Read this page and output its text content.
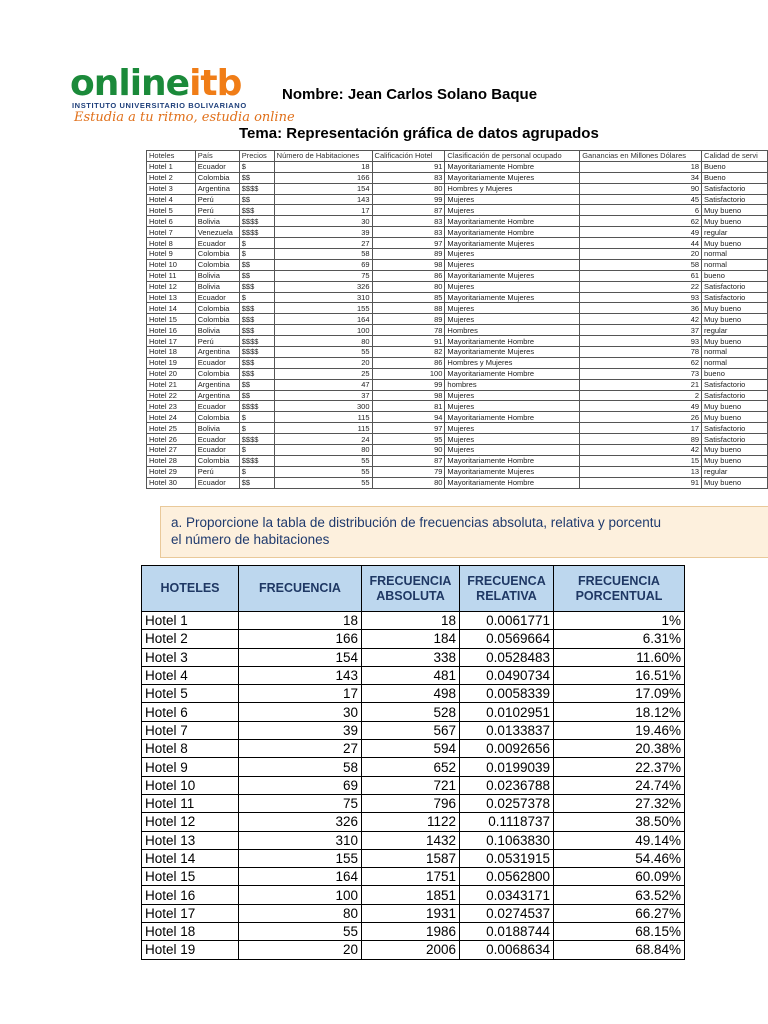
onlineitb
INSTITUTO UNIVERSITARIO BOLIVARIANO
Estudia a tu ritmo, estudia online
Nombre: Jean Carlos Solano Baque
Tema: Representación gráfica de datos agrupados
Hoteles	País	Precios	Número de Habitaciones	Calificación Hotel	Clasificación de personal ocupado	Ganancias en Millones Dólares	Calidad de servi
Hotel 1	Ecuador	$	18	91	Mayoritariamente Hombre	18	Bueno
Hotel 2	Colombia	$$	166	83	Mayoritariamente Mujeres	34	Bueno
Hotel 3	Argentina	$$$$	154	80	Hombres y Mujeres	90	Satisfactorio
Hotel 4	Perú	$$	143	99	Mujeres	45	Satisfactorio
Hotel 5	Perú	$$$	17	87	Mujeres	6	Muy bueno
Hotel 6	Bolivia	$$$$	30	83	Mayoritariamente Hombre	62	Muy bueno
Hotel 7	Venezuela	$$$$	39	83	Mayoritariamente Hombre	49	regular
Hotel 8	Ecuador	$	27	97	Mayoritariamente Mujeres	44	Muy bueno
Hotel 9	Colombia	$	58	89	Mujeres	20	normal
Hotel 10	Colombia	$$	69	98	Mujeres	58	normal
Hotel 11	Bolivia	$$	75	86	Mayoritariamente Mujeres	61	bueno
Hotel 12	Bolivia	$$$	326	80	Mujeres	22	Satisfactorio
Hotel 13	Ecuador	$	310	85	Mayoritariamente Mujeres	93	Satisfactorio
Hotel 14	Colombia	$$$	155	88	Mujeres	36	Muy bueno
Hotel 15	Colombia	$$$	164	89	Mujeres	42	Muy bueno
Hotel 16	Bolivia	$$$	100	78	Hombres	37	regular
Hotel 17	Perú	$$$$	80	91	Mayoritariamente Hombre	93	Muy bueno
Hotel 18	Argentina	$$$$	55	82	Mayoritariamente Mujeres	78	normal
Hotel 19	Ecuador	$$$	20	86	Hombres y Mujeres	62	normal
Hotel 20	Colombia	$$$	25	100	Mayoritariamente Hombre	73	bueno
Hotel 21	Argentina	$$	47	99	hombres	21	Satisfactorio
Hotel 22	Argentina	$$	37	98	Mujeres	2	Satisfactorio
Hotel 23	Ecuador	$$$$	300	81	Mujeres	49	Muy bueno
Hotel 24	Colombia	$	115	94	Mayoritariamente Hombre	26	Muy bueno
Hotel 25	Bolivia	$	115	97	Mujeres	17	Satisfactorio
Hotel 26	Ecuador	$$$$	24	95	Mujeres	89	Satisfactorio
Hotel 27	Ecuador	$	80	90	Mujeres	42	Muy bueno
Hotel 28	Colombia	$$$$	55	87	Mayoritariamente Hombre	15	Muy bueno
Hotel 29	Perú	$	55	79	Mayoritariamente Mujeres	13	regular
Hotel 30	Ecuador	$$	55	80	Mayoritariamente Hombre	91	Muy bueno
a. Proporcione la tabla de distribución de frecuencias absoluta, relativa y porcentu
el número de habitaciones
HOTELES	FRECUENCIA	FRECUENCIA ABSOLUTA	FRECUENCA RELATIVA	FRECUENCIA PORCENTUAL
Hotel 1	18	18	0.0061771	1%
Hotel 2	166	184	0.0569664	6.31%
Hotel 3	154	338	0.0528483	11.60%
Hotel 4	143	481	0.0490734	16.51%
Hotel 5	17	498	0.0058339	17.09%
Hotel 6	30	528	0.0102951	18.12%
Hotel 7	39	567	0.0133837	19.46%
Hotel 8	27	594	0.0092656	20.38%
Hotel 9	58	652	0.0199039	22.37%
Hotel 10	69	721	0.0236788	24.74%
Hotel 11	75	796	0.0257378	27.32%
Hotel 12	326	1122	0.1118737	38.50%
Hotel 13	310	1432	0.1063830	49.14%
Hotel 14	155	1587	0.0531915	54.46%
Hotel 15	164	1751	0.0562800	60.09%
Hotel 16	100	1851	0.0343171	63.52%
Hotel 17	80	1931	0.0274537	66.27%
Hotel 18	55	1986	0.0188744	68.15%
Hotel 19	20	2006	0.0068634	68.84%
